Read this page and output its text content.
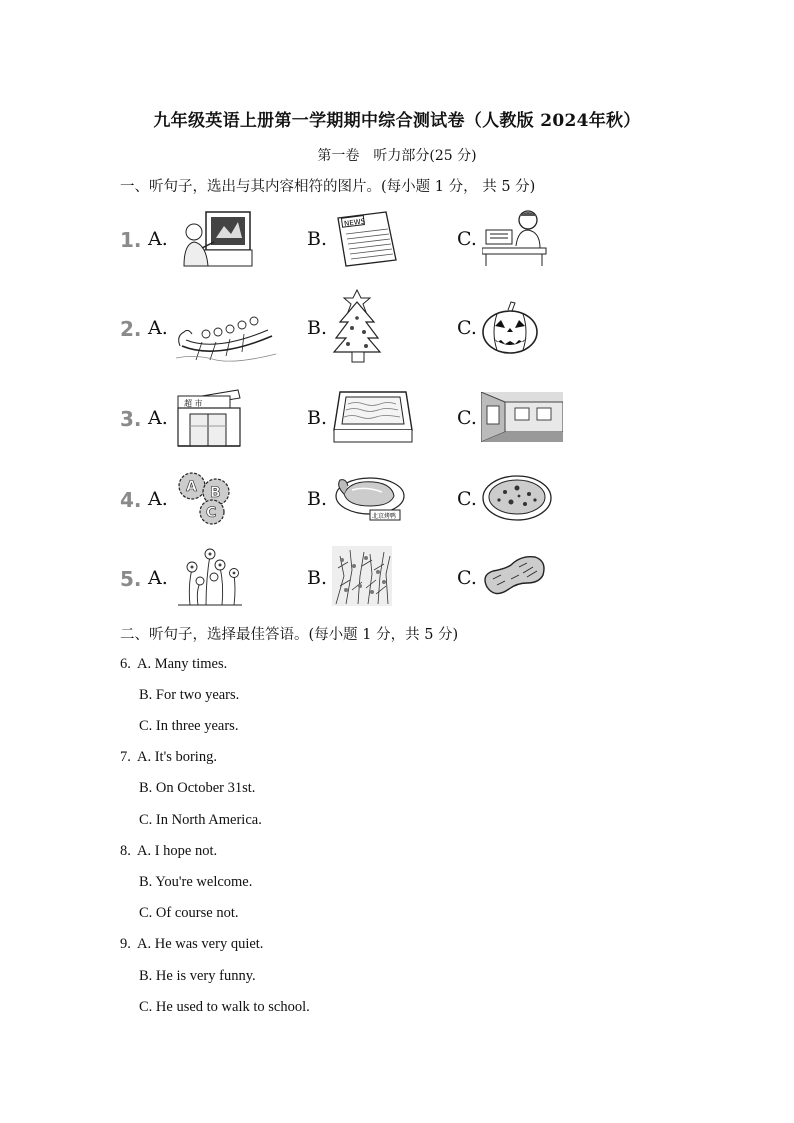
九年级英语上册第一学期期中综合测试卷（人教版 2024年秋）
第一卷　听力部分(25 分)
一、听句子，选出与其内容相符的图片。(每小题 1 分， 共 5 分)
1. A.	B.
NEWS
C.
2. A.	B.	C.
3. A.
超 市
B.	C.
4. A.
A B
C
B.
北京烤鸭
C.
5. A.	B.	C.
二、听句子，选择最佳答语。(每小题 1 分，共 5 分)
6. A. Many times.
B. For two years.
C. In three years.
7. A. It's boring.
B. On October 31st.
C. In North America.
8. A. I hope not.
B. You're welcome.
C. Of course not.
9. A. He was very quiet.
B. He is very funny.
C. He used to walk to school.
